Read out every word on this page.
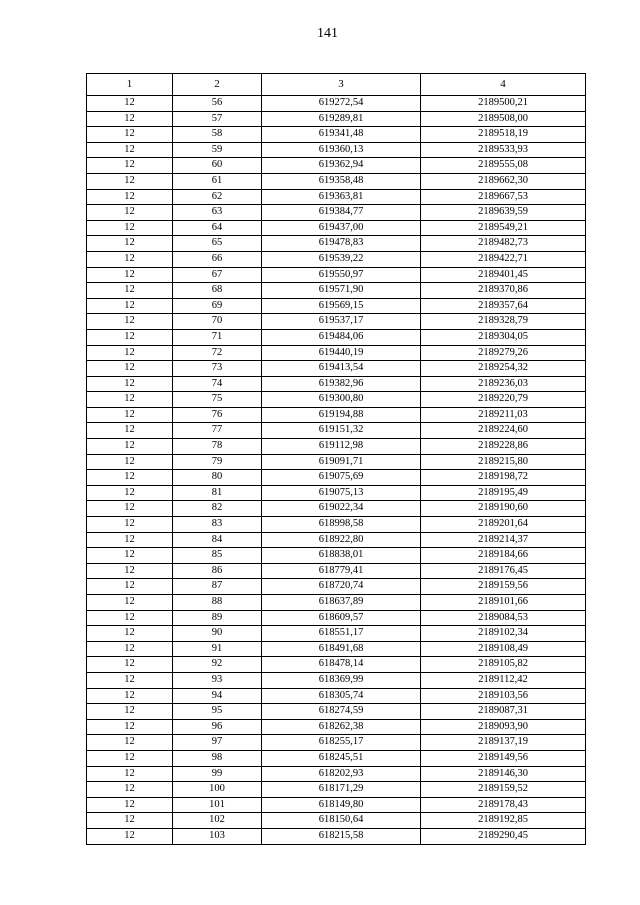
141
1	2	3	4
12	56	619272,54	2189500,21
12	57	619289,81	2189508,00
12	58	619341,48	2189518,19
12	59	619360,13	2189533,93
12	60	619362,94	2189555,08
12	61	619358,48	2189662,30
12	62	619363,81	2189667,53
12	63	619384,77	2189639,59
12	64	619437,00	2189549,21
12	65	619478,83	2189482,73
12	66	619539,22	2189422,71
12	67	619550,97	2189401,45
12	68	619571,90	2189370,86
12	69	619569,15	2189357,64
12	70	619537,17	2189328,79
12	71	619484,06	2189304,05
12	72	619440,19	2189279,26
12	73	619413,54	2189254,32
12	74	619382,96	2189236,03
12	75	619300,80	2189220,79
12	76	619194,88	2189211,03
12	77	619151,32	2189224,60
12	78	619112,98	2189228,86
12	79	619091,71	2189215,80
12	80	619075,69	2189198,72
12	81	619075,13	2189195,49
12	82	619022,34	2189190,60
12	83	618998,58	2189201,64
12	84	618922,80	2189214,37
12	85	618838,01	2189184,66
12	86	618779,41	2189176,45
12	87	618720,74	2189159,56
12	88	618637,89	2189101,66
12	89	618609,57	2189084,53
12	90	618551,17	2189102,34
12	91	618491,68	2189108,49
12	92	618478,14	2189105,82
12	93	618369,99	2189112,42
12	94	618305,74	2189103,56
12	95	618274,59	2189087,31
12	96	618262,38	2189093,90
12	97	618255,17	2189137,19
12	98	618245,51	2189149,56
12	99	618202,93	2189146,30
12	100	618171,29	2189159,52
12	101	618149,80	2189178,43
12	102	618150,64	2189192,85
12	103	618215,58	2189290,45
